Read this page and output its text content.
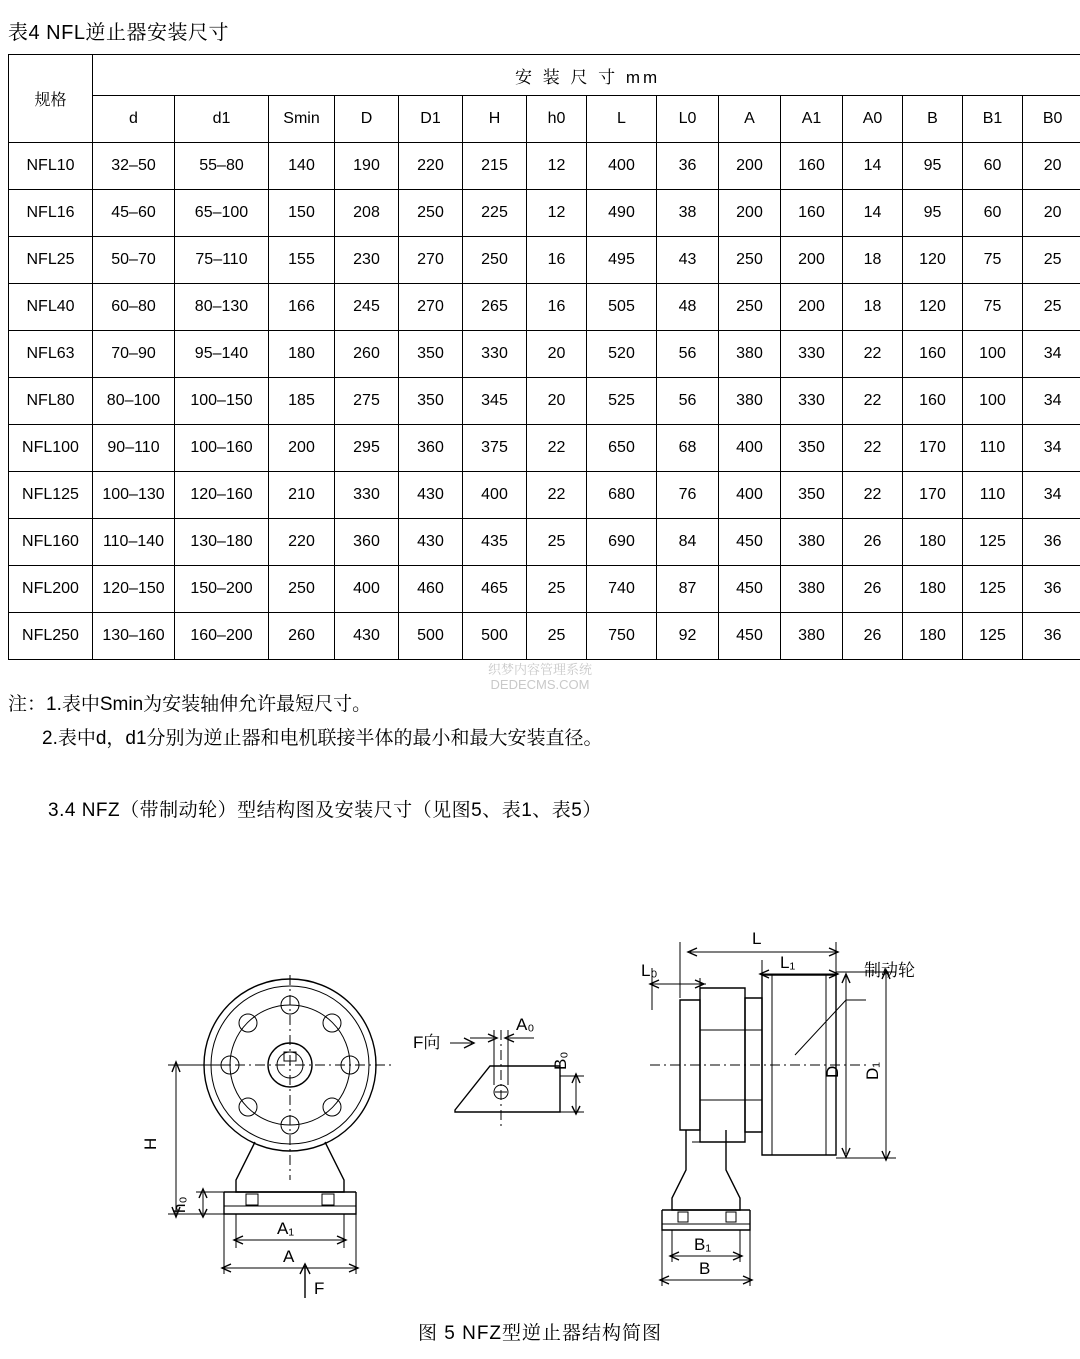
表4 NFL逆止器安装尺寸
规格	安 装 尺 寸 mm														
	d	d1	Smin	D	D1	H	h0	L	L0	A	A1	A0	B	B1	B0
NFL10	32–50	55–80	140	190	220	215	12	400	36	200	160	14	95	60	20
NFL16	45–60	65–100	150	208	250	225	12	490	38	200	160	14	95	60	20
NFL25	50–70	75–110	155	230	270	250	16	495	43	250	200	18	120	75	25
NFL40	60–80	80–130	166	245	270	265	16	505	48	250	200	18	120	75	25
NFL63	70–90	95–140	180	260	350	330	20	520	56	380	330	22	160	100	34
NFL80	80–100	100–150	185	275	350	345	20	525	56	380	330	22	160	100	34
NFL100	90–110	100–160	200	295	360	375	22	650	68	400	350	22	170	110	34
NFL125	100–130	120–160	210	330	430	400	22	680	76	400	350	22	170	110	34
NFL160	110–140	130–180	220	360	430	435	25	690	84	450	380	26	180	125	36
NFL200	120–150	150–200	250	400	460	465	25	740	87	450	380	26	180	125	36
NFL250	130–160	160–200	260	430	500	500	25	750	92	450	380	26	180	125	36
织梦内容管理系统
DEDECMS.COM
注：1.表中Smin为安装轴伸允许最短尺寸。
2.表中d，d1分别为逆止器和电机联接半体的最小和最大安装直径。
3.4 NFZ（带制动轮）型结构图及安装尺寸（见图5、表1、表5）
H
h₀
A₁
A
F
F向
A₀
B₀
L
L₀	L₁	制动轮
D D₁
B₁
B
图 5 NFZ型逆止器结构简图
